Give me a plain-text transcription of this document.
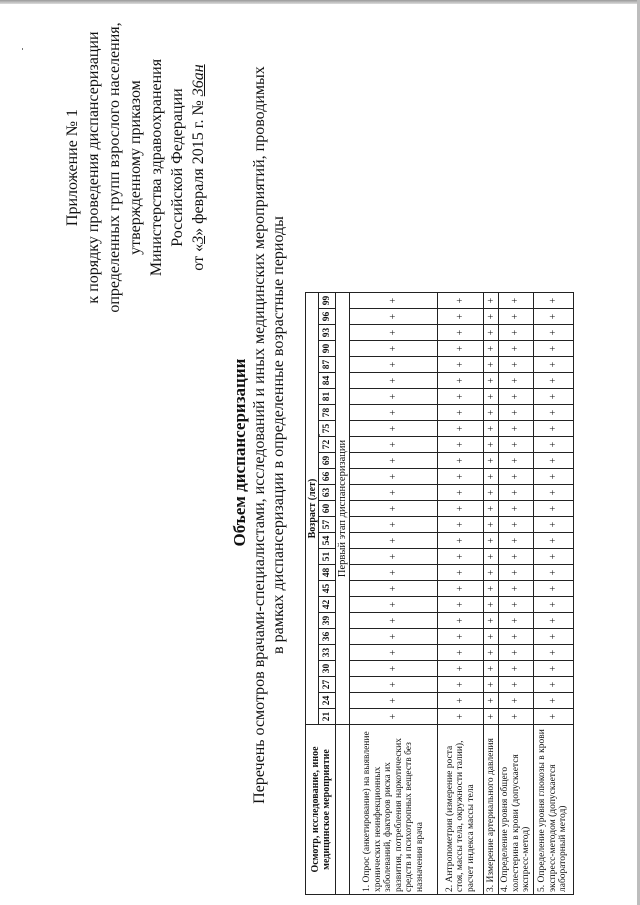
Приложение № 1 к порядку проведения диспансеризации определенных групп взрослого населения, утвержденному приказом Министерства здравоохранения Российской Федерации
от «3» февраля 2015 г. № 36ан
Объем диспансеризации Перечень осмотров врачами-специалистами, исследований и иных медицинских мероприятий, проводимых в рамках диспансеризации в определенные возрастные периоды
Осмотр, исследование, иное медицинское мероприятие	Возраст (лет)																										
	21	24	27	30	33	36	39	42	45	48	51	54	57	60	63	66	69	72	75	78	81	84	87	90	93	96	99
	Первый этап диспансеризации																										
1. Опрос (анкетирование) на выявление хронических неинфекционных заболеваний, факторов риска их развития, потребления наркотических средств и психотропных веществ без назначения врача	+	+	+	+	+	+	+	+	+	+	+	+	+	+	+	+	+	+	+	+	+	+	+	+	+	+	+
2. Антропометрия (измерение роста стоя, массы тела, окружности талии), расчет индекса массы тела	+	+	+	+	+	+	+	+	+	+	+	+	+	+	+	+	+	+	+	+	+	+	+	+	+	+	+
3. Измерение артериального давления	+	+	+	+	+	+	+	+	+	+	+	+	+	+	+	+	+	+	+	+	+	+	+	+	+	+	+
4. Определение уровня общего холестерина в крови (допускается экспресс-метод)	+	+	+	+	+	+	+	+	+	+	+	+	+	+	+	+	+	+	+	+	+	+	+	+	+	+	+
5. Определение уровня глюкозы в крови экспресс-методом (допускается лабораторный метод)	+	+	+	+	+	+	+	+	+	+	+	+	+	+	+	+	+	+	+	+	+	+	+	+	+	+	+
